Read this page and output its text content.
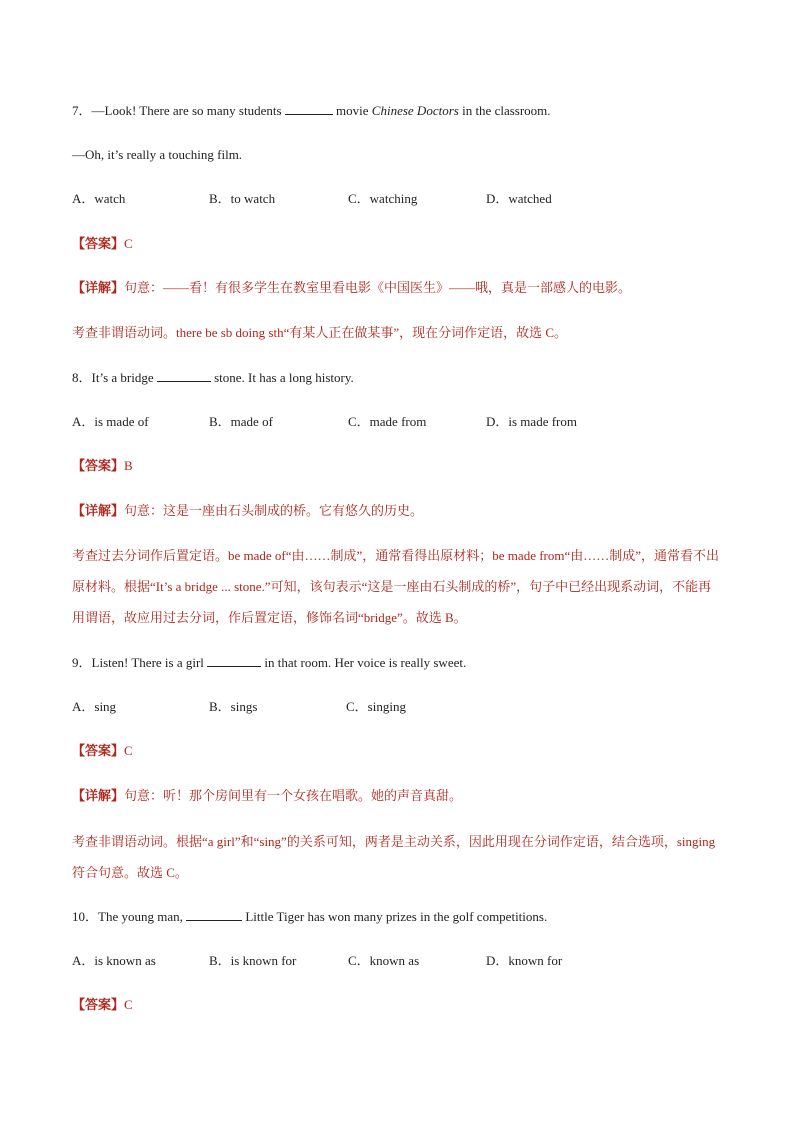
7．—Look! There are so many students	movie Chinese Doctors in the classroom.
—Oh, it’s really a touching film.
A．watch	B．to watch	C．watching	D．watched
【答案】C
【详解】句意：——看！有很多学生在教室里看电影《中国医生》——哦，真是一部感人的电影。
考查非谓语动词。there be sb doing sth“有某人正在做某事”，现在分词作定语，故选 C。
8．It’s a bridge	stone. It has a long history.
A．is made of	B．made of	C．made from	D．is made from
【答案】B
【详解】句意：这是一座由石头制成的桥。它有悠久的历史。
考查过去分词作后置定语。be made of“由……制成”，通常看得出原材料；be made from“由……制成”，通常看不出原材料。根据“It’s a bridge ... stone.”可知，该句表示“这是一座由石头制成的桥”，句子中已经出现系动词，不能再用谓语，故应用过去分词，作后置定语，修饰名词“bridge”。故选 B。
9．Listen! There is a girl	in that room. Her voice is really sweet.
A．sing	B．sings	C．singing
【答案】C
【详解】句意：听！那个房间里有一个女孩在唱歌。她的声音真甜。
考查非谓语动词。根据“a girl”和“sing”的关系可知，两者是主动关系，因此用现在分词作定语，结合选项，singing 符合句意。故选 C。
10．The young man,	Little Tiger has won many prizes in the golf competitions.
A．is known as	B．is known for	C．known as	D．known for
【答案】C
